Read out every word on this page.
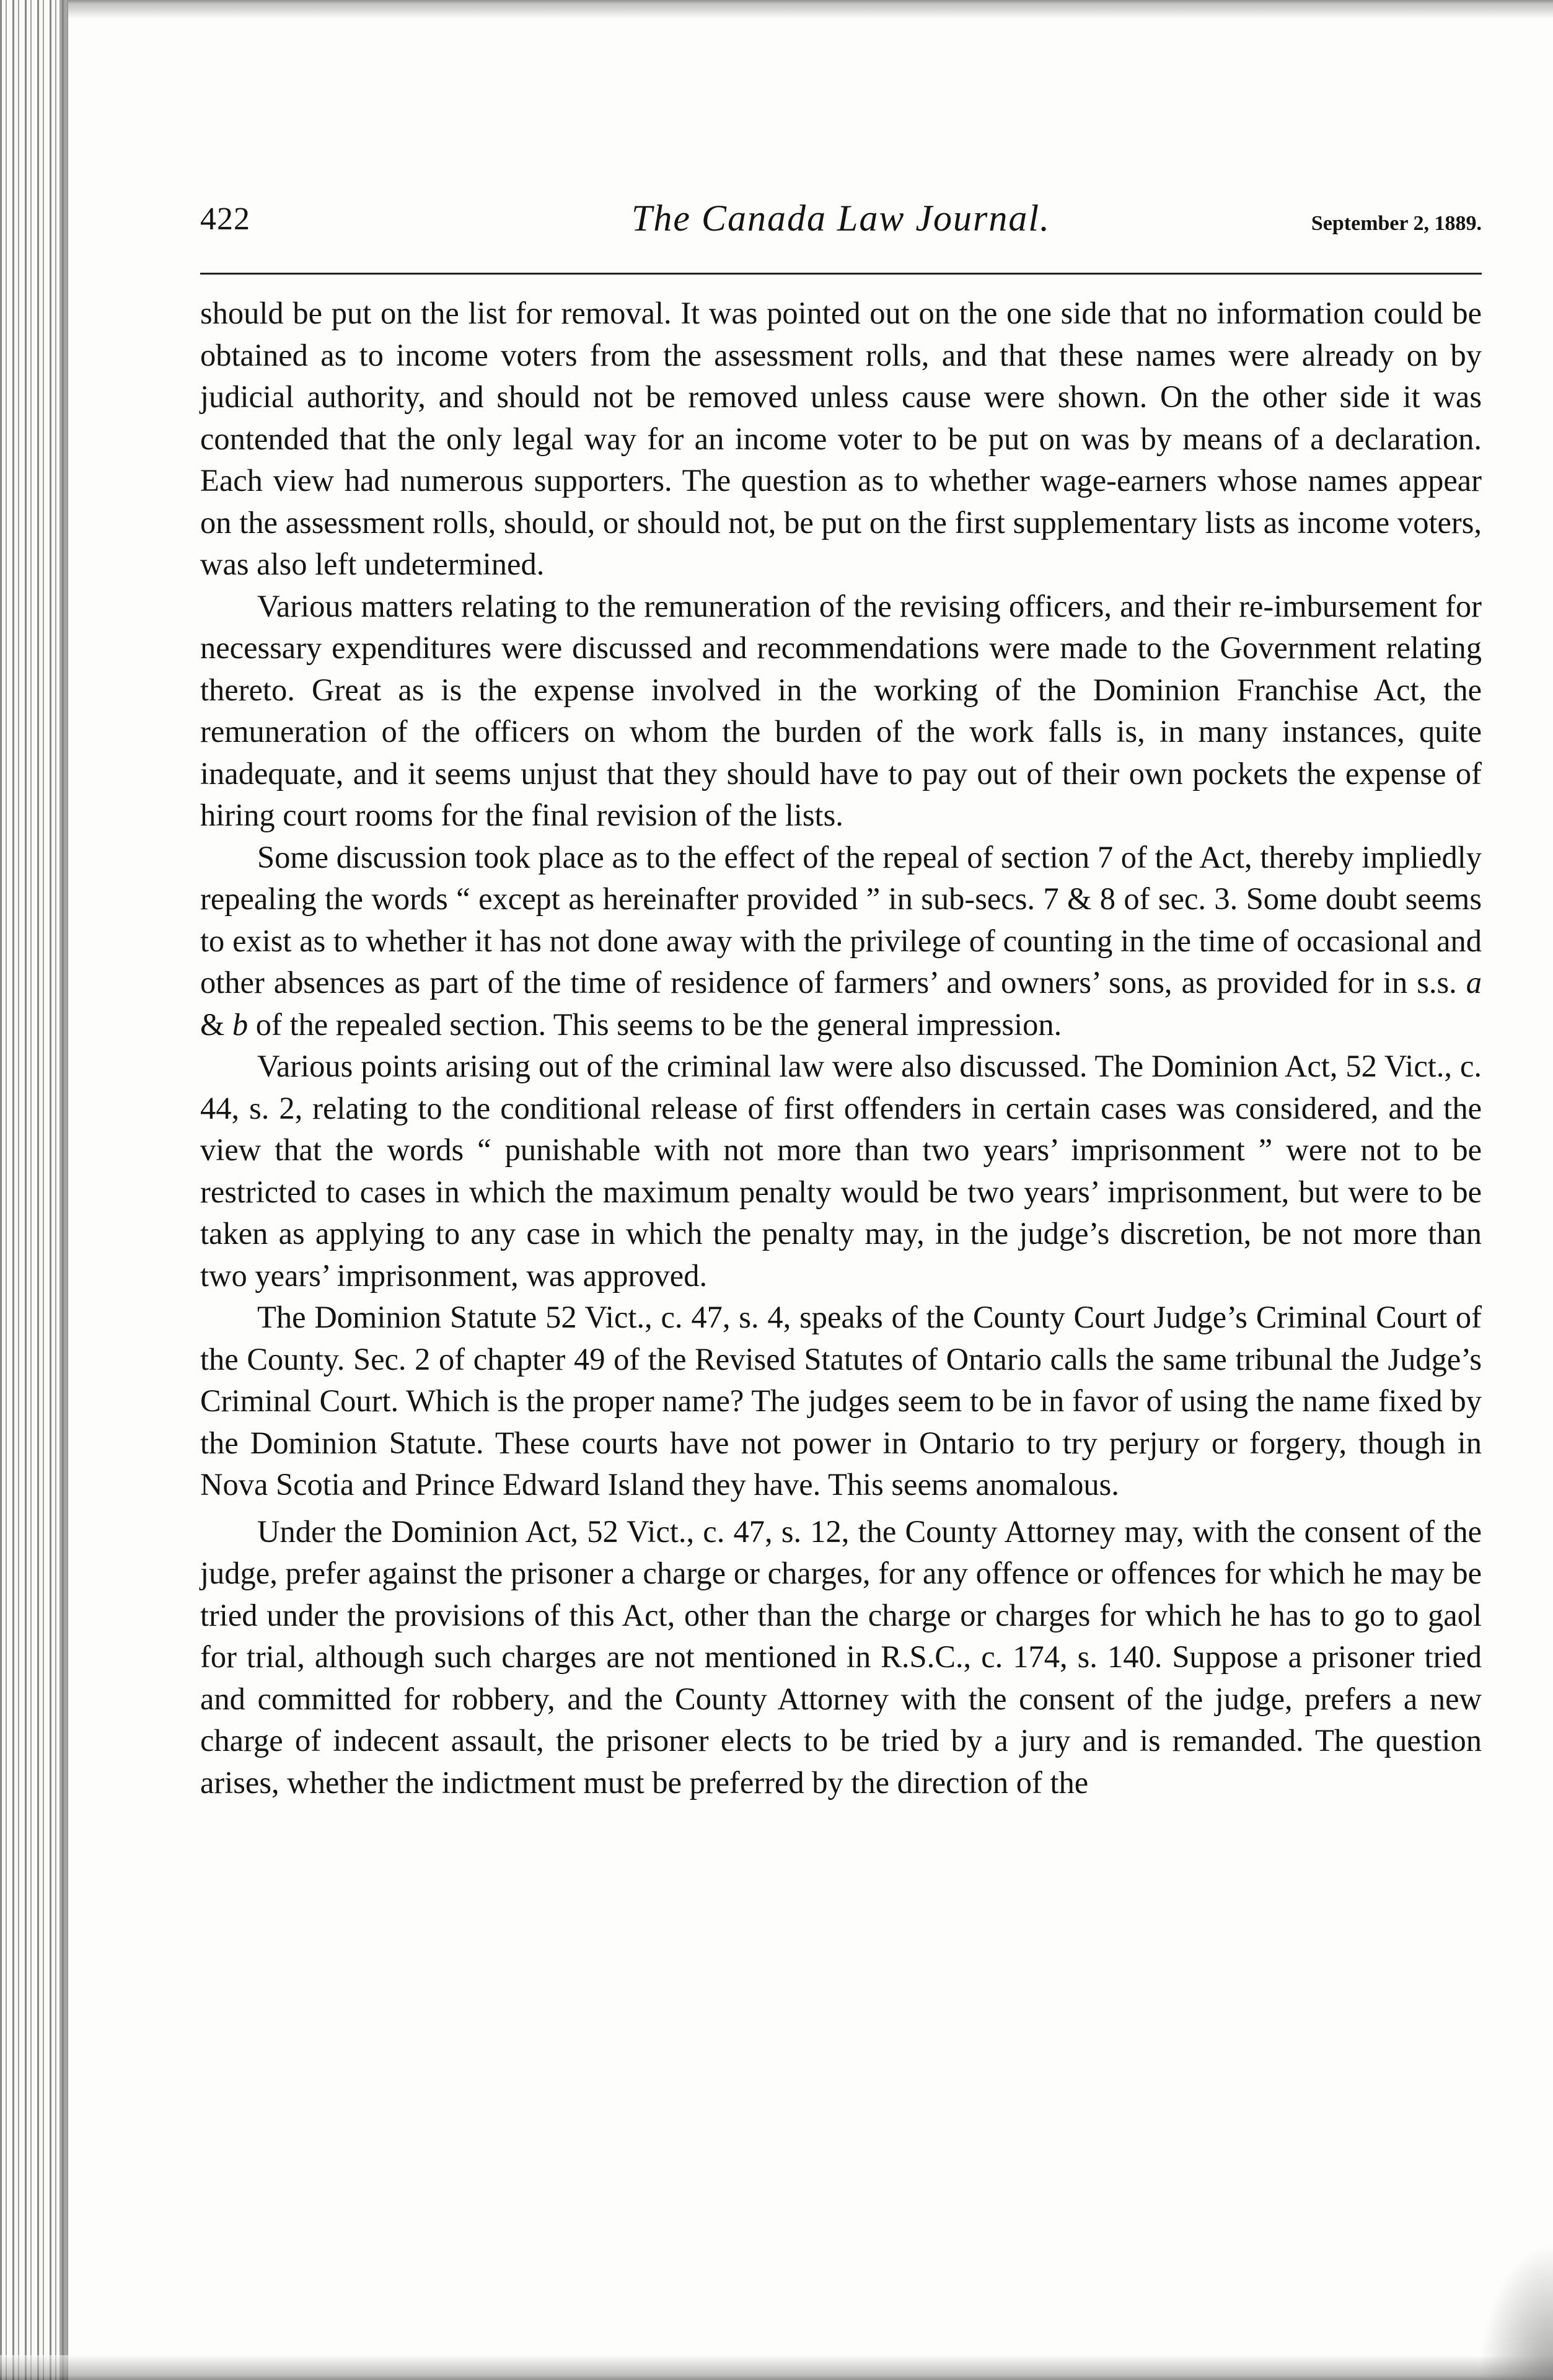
422	The Canada Law Journal.	September 2, 1889.

should be put on the list for removal. It was pointed out on the one side that no information could be obtained as to income voters from the assessment rolls, and that these names were already on by judicial authority, and should not be removed unless cause were shown. On the other side it was contended that the only legal way for an income voter to be put on was by means of a declaration. Each view had numerous supporters. The question as to whether wage-earners whose names appear on the assessment rolls, should, or should not, be put on the first supplementary lists as income voters, was also left undetermined.

Various matters relating to the remuneration of the revising officers, and their re-imbursement for necessary expenditures were discussed and recommendations were made to the Government relating thereto. Great as is the expense involved in the working of the Dominion Franchise Act, the remuneration of the officers on whom the burden of the work falls is, in many instances, quite inadequate, and it seems unjust that they should have to pay out of their own pockets the expense of hiring court rooms for the final revision of the lists.

Some discussion took place as to the effect of the repeal of section 7 of the Act, thereby impliedly repealing the words “ except as hereinafter provided ” in sub-secs. 7 & 8 of sec. 3. Some doubt seems to exist as to whether it has not done away with the privilege of counting in the time of occasional and other absences as part of the time of residence of farmers’ and owners’ sons, as provided for in s.s. a & b of the repealed section. This seems to be the general impression.

Various points arising out of the criminal law were also discussed. The Dominion Act, 52 Vict., c. 44, s. 2, relating to the conditional release of first offenders in certain cases was considered, and the view that the words “ punishable with not more than two years’ imprisonment ” were not to be restricted to cases in which the maximum penalty would be two years’ imprisonment, but were to be taken as applying to any case in which the penalty may, in the judge’s discretion, be not more than two years’ imprisonment, was approved.

The Dominion Statute 52 Vict., c. 47, s. 4, speaks of the County Court Judge’s Criminal Court of the County. Sec. 2 of chapter 49 of the Revised Statutes of Ontario calls the same tribunal the Judge’s Criminal Court. Which is the proper name? The judges seem to be in favor of using the name fixed by the Dominion Statute. These courts have not power in Ontario to try perjury or forgery, though in Nova Scotia and Prince Edward Island they have. This seems anomalous.

Under the Dominion Act, 52 Vict., c. 47, s. 12, the County Attorney may, with the consent of the judge, prefer against the prisoner a charge or charges, for any offence or offences for which he may be tried under the provisions of this Act, other than the charge or charges for which he has to go to gaol for trial, although such charges are not mentioned in R.S.C., c. 174, s. 140. Suppose a prisoner tried and committed for robbery, and the County Attorney with the consent of the judge, prefers a new charge of indecent assault, the prisoner elects to be tried by a jury and is remanded. The question arises, whether the indictment must be preferred by the direction of the
